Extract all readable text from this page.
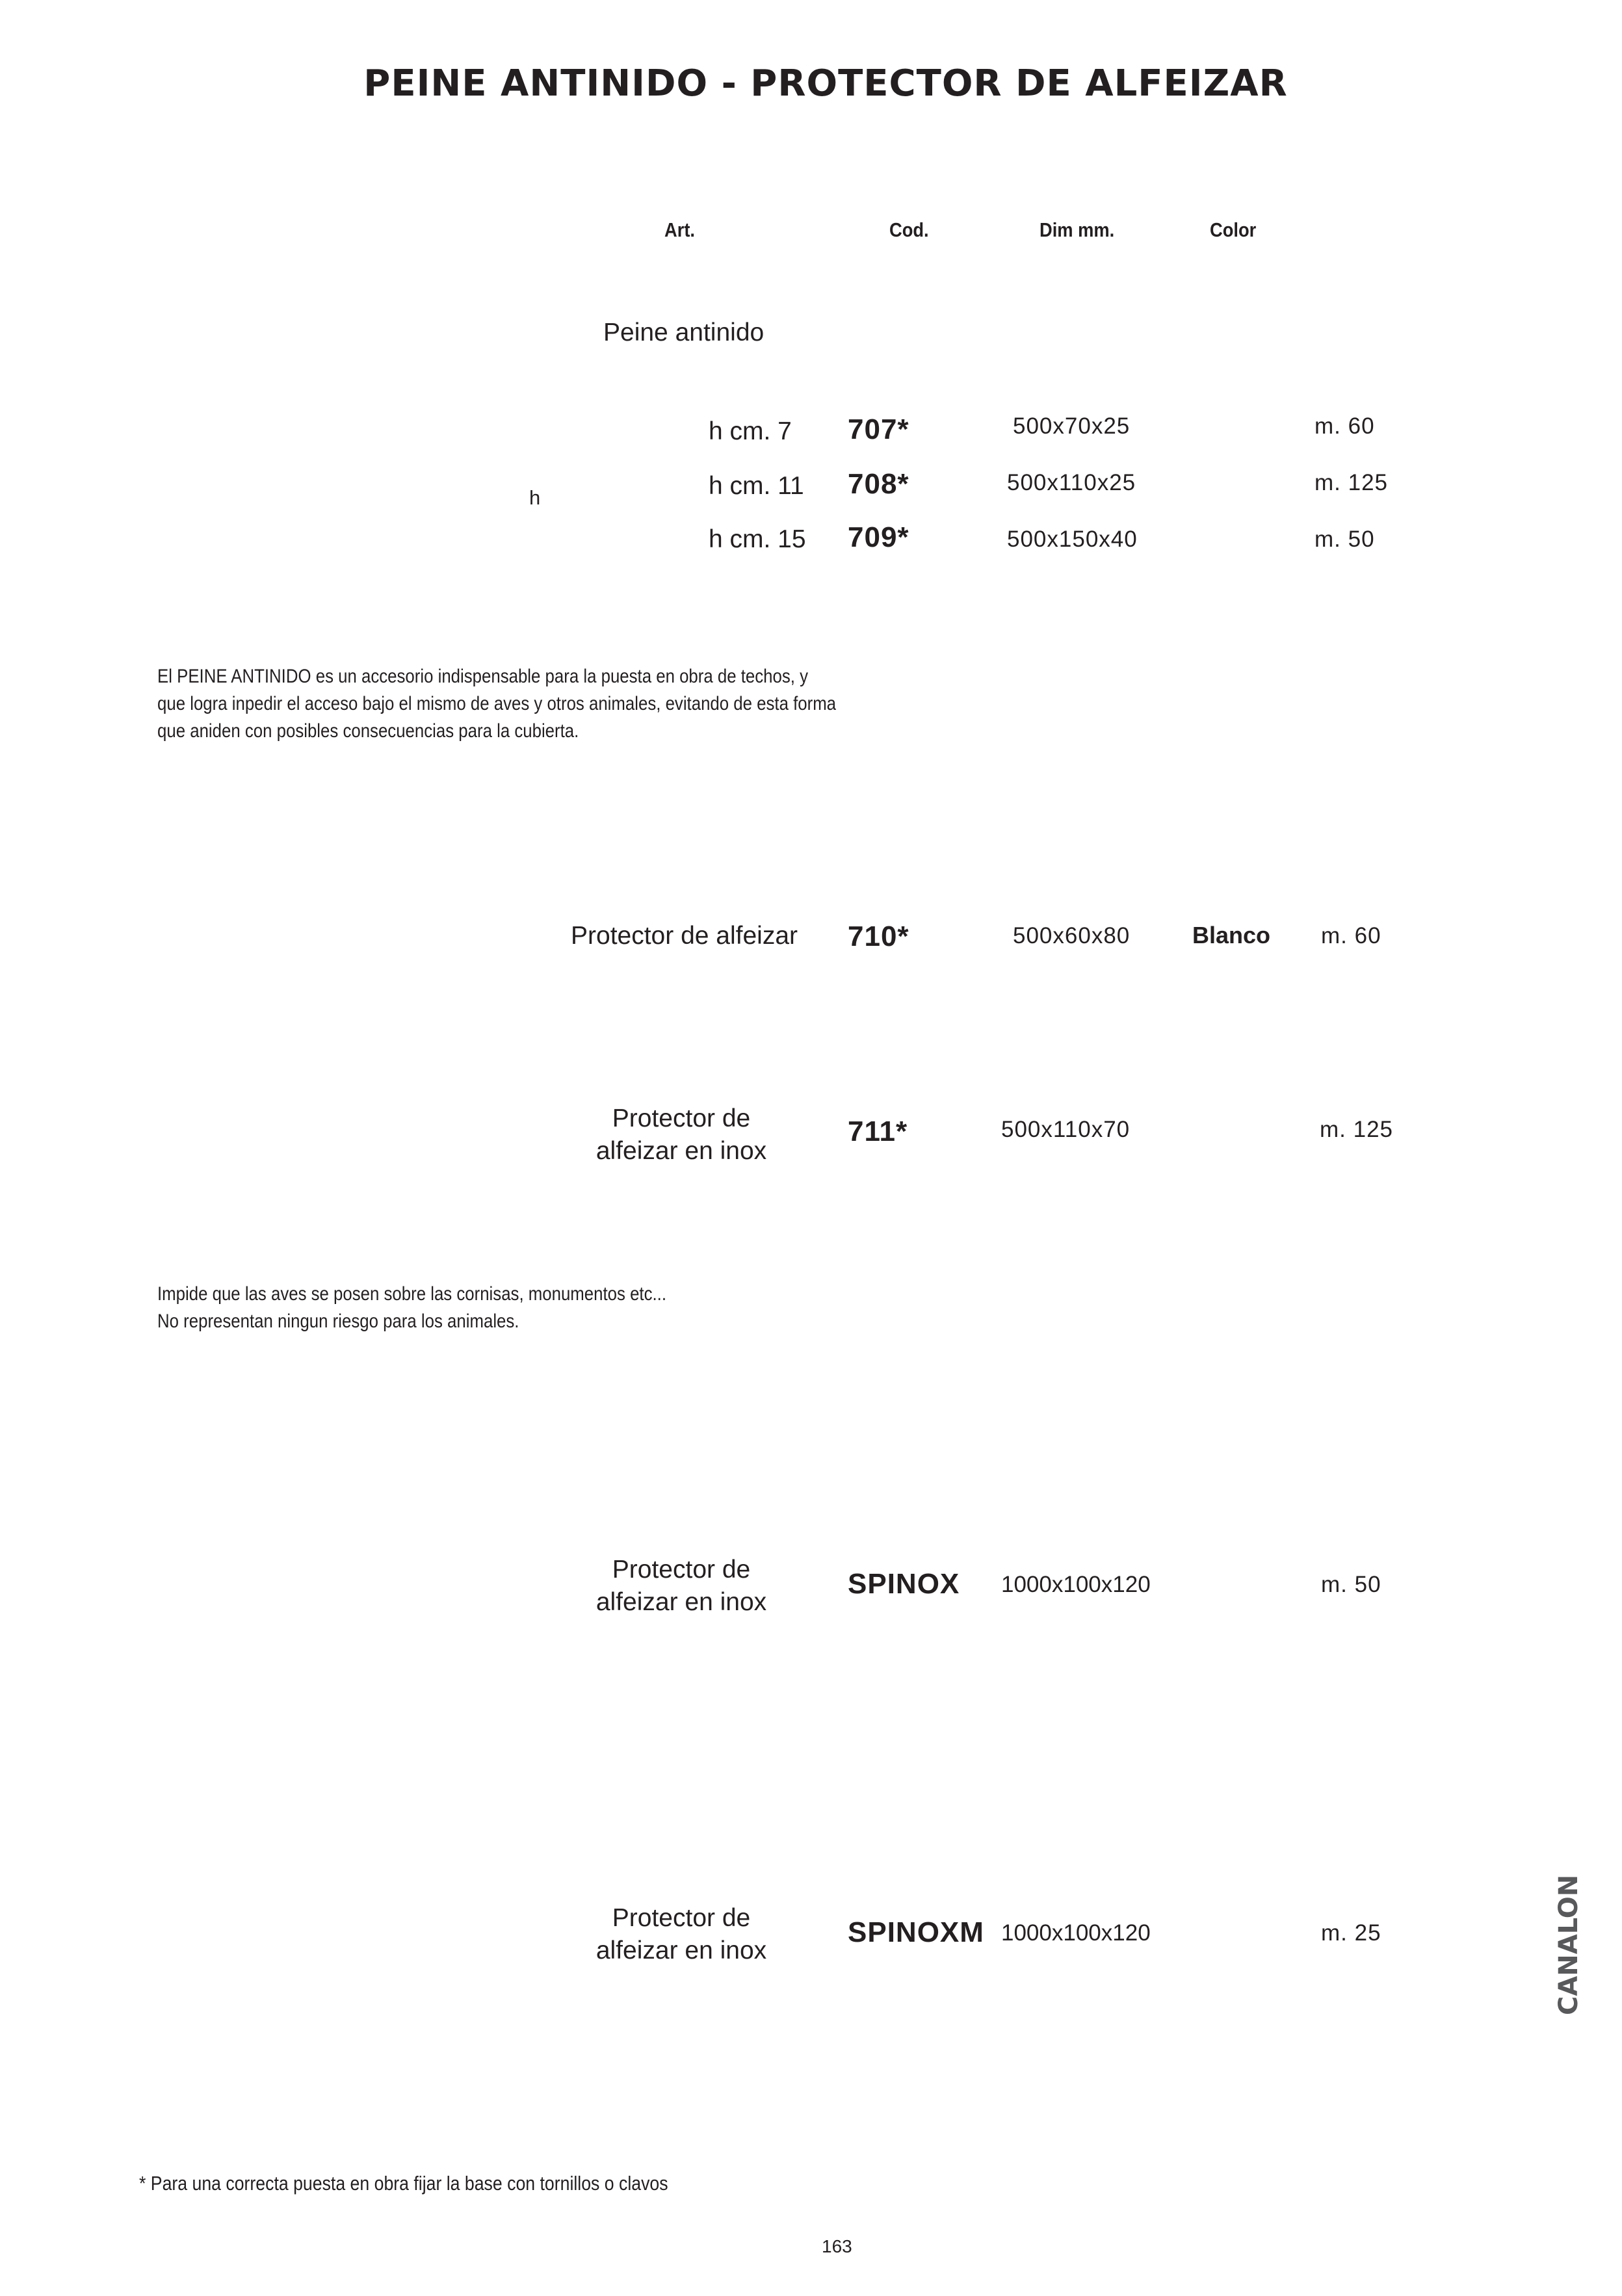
PEINE ANTINIDO - PROTECTOR DE ALFEIZAR
Art.	Cod.	Dim mm.	Color
Peine antinido
h
h cm. 7 707*	500x70x25	m. 60
h cm. 11 708*	500x110x25	m. 125
h cm. 15 709*	500x150x40	m. 50
El PEINE ANTINIDO es un accesorio indispensable para la puesta en obra de techos, y
que logra inpedir el acceso bajo el mismo de aves y otros animales, evitando de esta forma
que aniden con posibles consecuencias para la cubierta.
Protector de alfeizar 710*	500x60x80	Blanco m. 60
Protector de
alfeizar en inox
711*	500x110x70	m. 125
Impide que las aves se posen sobre las cornisas, monumentos etc...
No representan ningun riesgo para los animales.
Protector de
alfeizar en inox
SPINOX 1000x100x120	m. 50
Protector de
alfeizar en inox
SPINOXM 1000x100x120	m. 25	CANALON
* Para una correcta puesta en obra fijar la base con tornillos o clavos
163
